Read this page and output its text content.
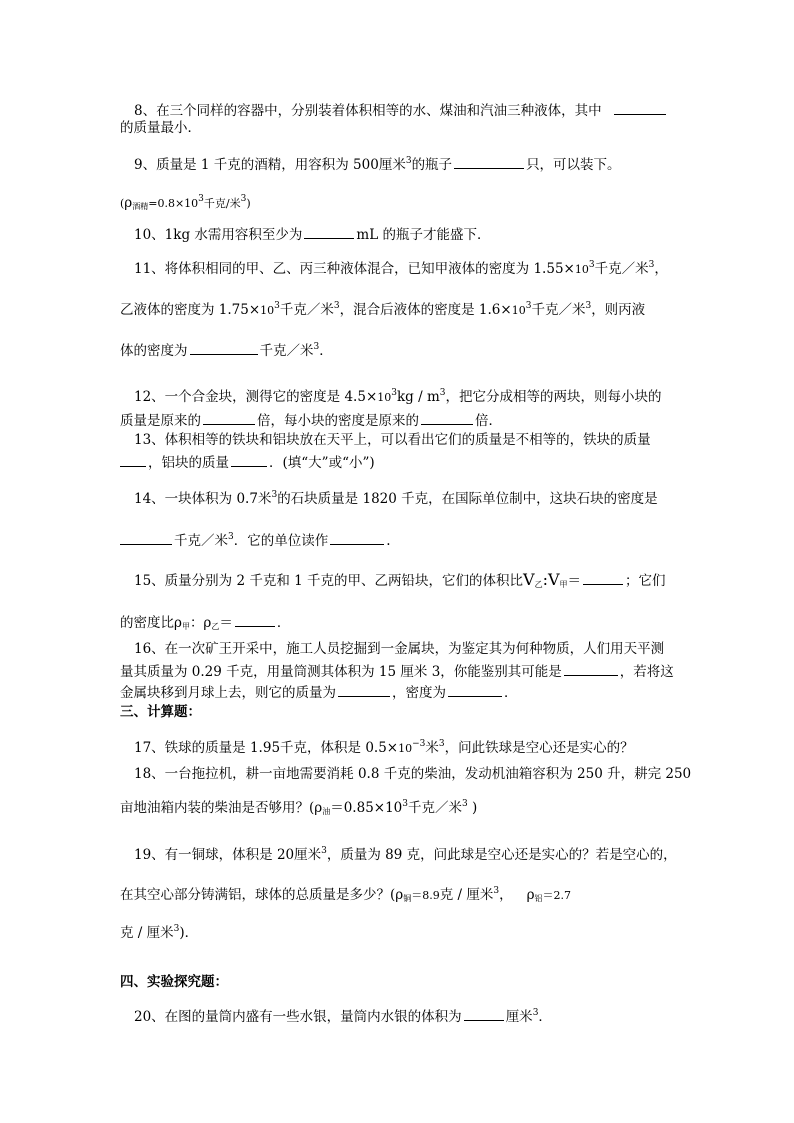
8、在三个同样的容器中，分别装着体积相等的水、煤油和汽油三种液体，其中
的质量最小．
9、质量是 1 千克的酒精，用容积为 500厘米$^3$的瓶子	只，可以装下。
($\rho_{酒精}=0.8\times 10^3$千克/米$^3$)
10、1kg 水需用容积至少为	mL 的瓶子才能盛下．
11、将体积相同的甲、乙、丙三种液体混合，已知甲液体的密度为 $1.55\times 10^3$千克／米$^3$，
乙液体的密度为 $1.75\times 10^3$千克／米$^3$，混合后液体的密度是 $1.6\times 10^3$千克／米$^3$，则丙液
体的密度为	千克／米$^3$．
12、一个合金块，测得它的密度是 $4.5\times 10^3kg / m^3$，把它分成相等的两块，则每小块的
质量是原来的	倍，每小块的密度是原来的	倍．
13、体积相等的铁块和铝块放在天平上，可以看出它们的质量是不相等的，铁块的质量
，铝块的质量	．(填“大”或“小”)
14、一块体积为 0.7米$^3$的石块质量是 1820 千克，在国际单位制中，这块石块的密度是
千克／米$^3$．它的单位读作	.
15、质量分别为 2 千克和 1 千克的甲、乙两铅块，它们的体积比$V_乙:V_甲=$	；它们
的密度比$\rho_甲$：$\rho_乙=$	．
16、在一次矿王开采中，施工人员挖掘到一金属块，为鉴定其为何种物质，人们用天平测
量其质量为 0.29 千克，用量筒测其体积为 15 厘米 3，你能鉴别其可能是	，若将这
金属块移到月球上去，则它的质量为	，密度为	．
三、计算题：
17、铁球的质量是 1.95千克，体积是 $0.5\times 10^{-3}$米$^3$，问此铁球是空心还是实心的？
18、一台拖拉机，耕一亩地需要消耗 0.8 千克的柴油，发动机油箱容积为 250 升，耕完 250
亩地油箱内装的柴油是否够用？($\rho_油=0.85\times 10^3$千克／米$^3$ )
19、有一铜球，体积是 20厘米$^3$，质量为 89 克，问此球是空心还是实心的？若是空心的，
在其空心部分铸满铝，球体的总质量是多少？($\rho_铜=8.9$克 / 厘米$^3$， $\rho_铝=2.7$
克 / 厘米$^3$)．
四、实验探究题：
20、在图的量筒内盛有一些水银，量筒内水银的体积为	厘米$^3$．
